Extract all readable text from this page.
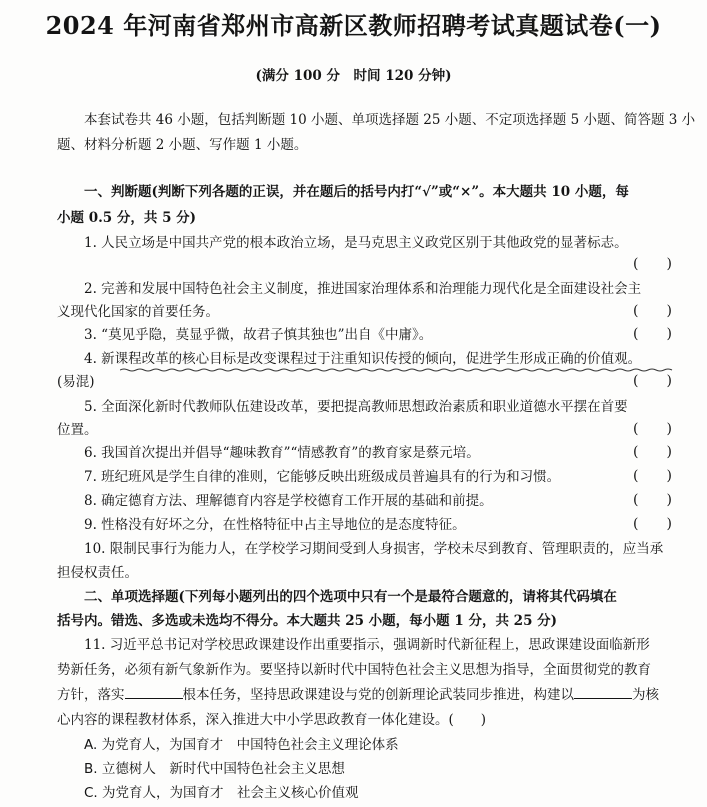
2024 年河南省郑州市高新区教师招聘考试真题试卷(一)
(满分 100 分　时间 120 分钟)
本套试卷共 46 小题，包括判断题 10 小题、单项选择题 25 小题、不定项选择题 5 小题、简答题 3 小
题、材料分析题 2 小题、写作题 1 小题。
一、判断题(判断下列各题的正误，并在题后的括号内打“√”或“×”。本大题共 10 小题，每
小题 0.5 分，共 5 分)
1. 人民立场是中国共产党的根本政治立场，是马克思主义政党区别于其他政党的显著标志。
(　　)
2. 完善和发展中国特色社会主义制度，推进国家治理体系和治理能力现代化是全面建设社会主
义现代化国家的首要任务。	(　　)
3. “莫见乎隐，莫显乎微，故君子慎其独也”出自《中庸》。	(　　)
4. 新课程改革的核心目标是改变课程过于注重知识传授的倾向，促进学生形成正确的价值观。
(易混)	(　　)
5. 全面深化新时代教师队伍建设改革，要把提高教师思想政治素质和职业道德水平摆在首要
位置。	(　　)
6. 我国首次提出并倡导“趣味教育”“情感教育”的教育家是蔡元培。	(　　)
7. 班纪班风是学生自律的准则，它能够反映出班级成员普遍具有的行为和习惯。	(　　)
8. 确定德育方法、理解德育内容是学校德育工作开展的基础和前提。	(　　)
9. 性格没有好坏之分，在性格特征中占主导地位的是态度特征。	(　　)
10. 限制民事行为能力人，在学校学习期间受到人身损害，学校未尽到教育、管理职责的，应当承
担侵权责任。
二、单项选择题(下列每小题列出的四个选项中只有一个是最符合题意的，请将其代码填在
括号内。错选、多选或未选均不得分。本大题共 25 小题，每小题 1 分，共 25 分)
11. 习近平总书记对学校思政课建设作出重要指示，强调新时代新征程上，思政课建设面临新形
势新任务，必须有新气象新作为。要坚持以新时代中国特色社会主义思想为指导，全面贯彻党的教育
方针，落实	根本任务，坚持思政课建设与党的创新理论武装同步推进，构建以	为核
心内容的课程教材体系，深入推进大中小学思政教育一体化建设。(　　)
A. 为党育人，为国育才　中国特色社会主义理论体系
B. 立德树人　新时代中国特色社会主义思想
C. 为党育人，为国育才　社会主义核心价值观
